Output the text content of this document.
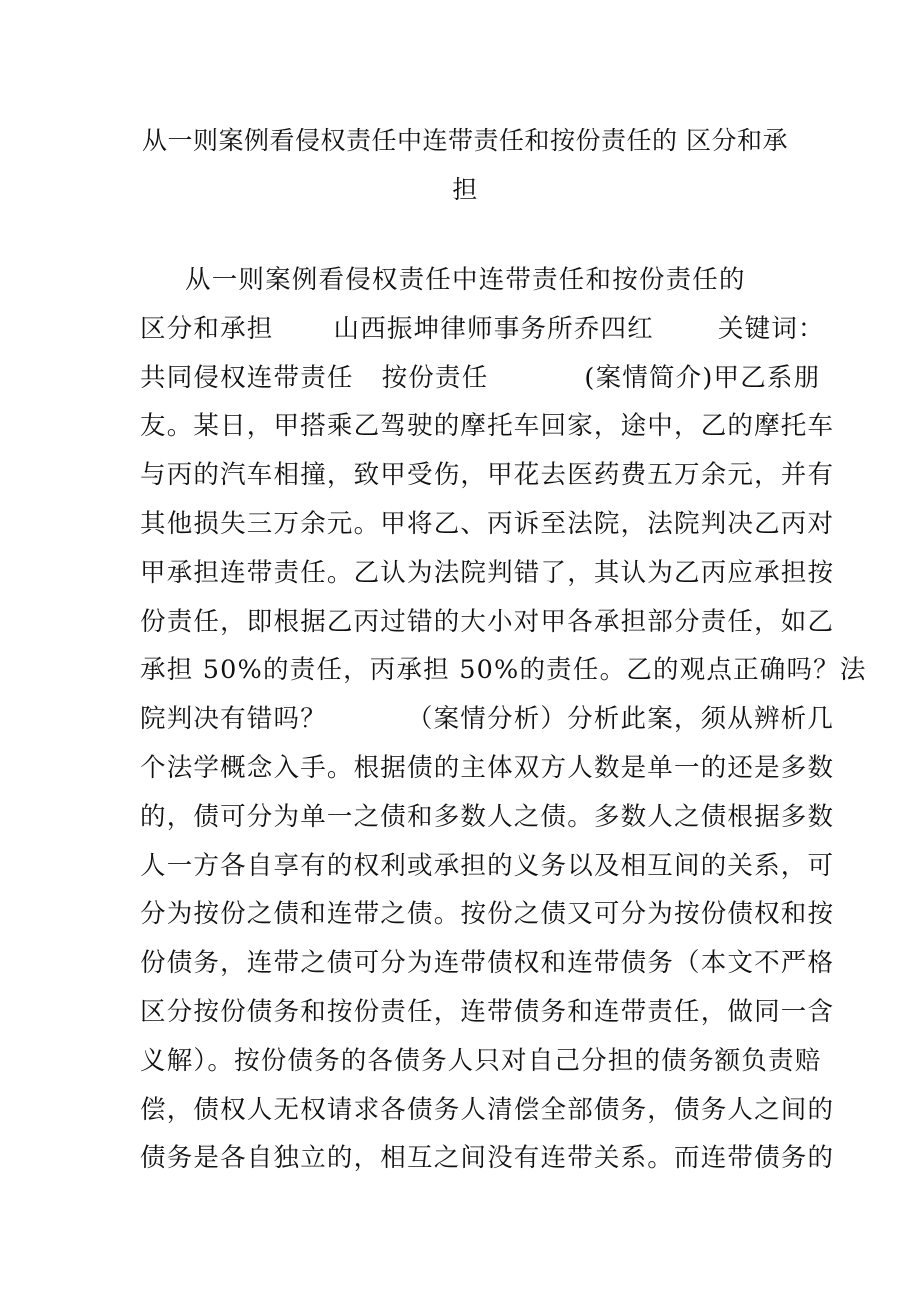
从一则案例看侵权责任中连带责任和按份责任的 区分和承
担
从一则案例看侵权责任中连带责任和按份责任的
区分和承担 山西振坤律师事务所乔四红	关键词：
共同侵权连带责任 按份责任	(案情简介)甲乙系朋
友。某日，甲搭乘乙驾驶的摩托车回家，途中，乙的摩托车
与丙的汽车相撞，致甲受伤，甲花去医药费五万余元，并有
其他损失三万余元。甲将乙、丙诉至法院，法院判决乙丙对
甲承担连带责任。乙认为法院判错了，其认为乙丙应承担按
份责任，即根据乙丙过错的大小对甲各承担部分责任，如乙
承担 50%的责任，丙承担 50%的责任。乙的观点正确吗？法
院判决有错吗？	（案情分析）分析此案，须从辨析几
个法学概念入手。根据债的主体双方人数是单一的还是多数
的，债可分为单一之债和多数人之债。多数人之债根据多数
人一方各自享有的权利或承担的义务以及相互间的关系，可
分为按份之债和连带之债。按份之债又可分为按份债权和按
份债务，连带之债可分为连带债权和连带债务（本文不严格
区分按份债务和按份责任，连带债务和连带责任，做同一含
义解）。按份债务的各债务人只对自己分担的债务额负责赔
偿，债权人无权请求各债务人清偿全部债务，债务人之间的
债务是各自独立的，相互之间没有连带关系。而连带债务的
